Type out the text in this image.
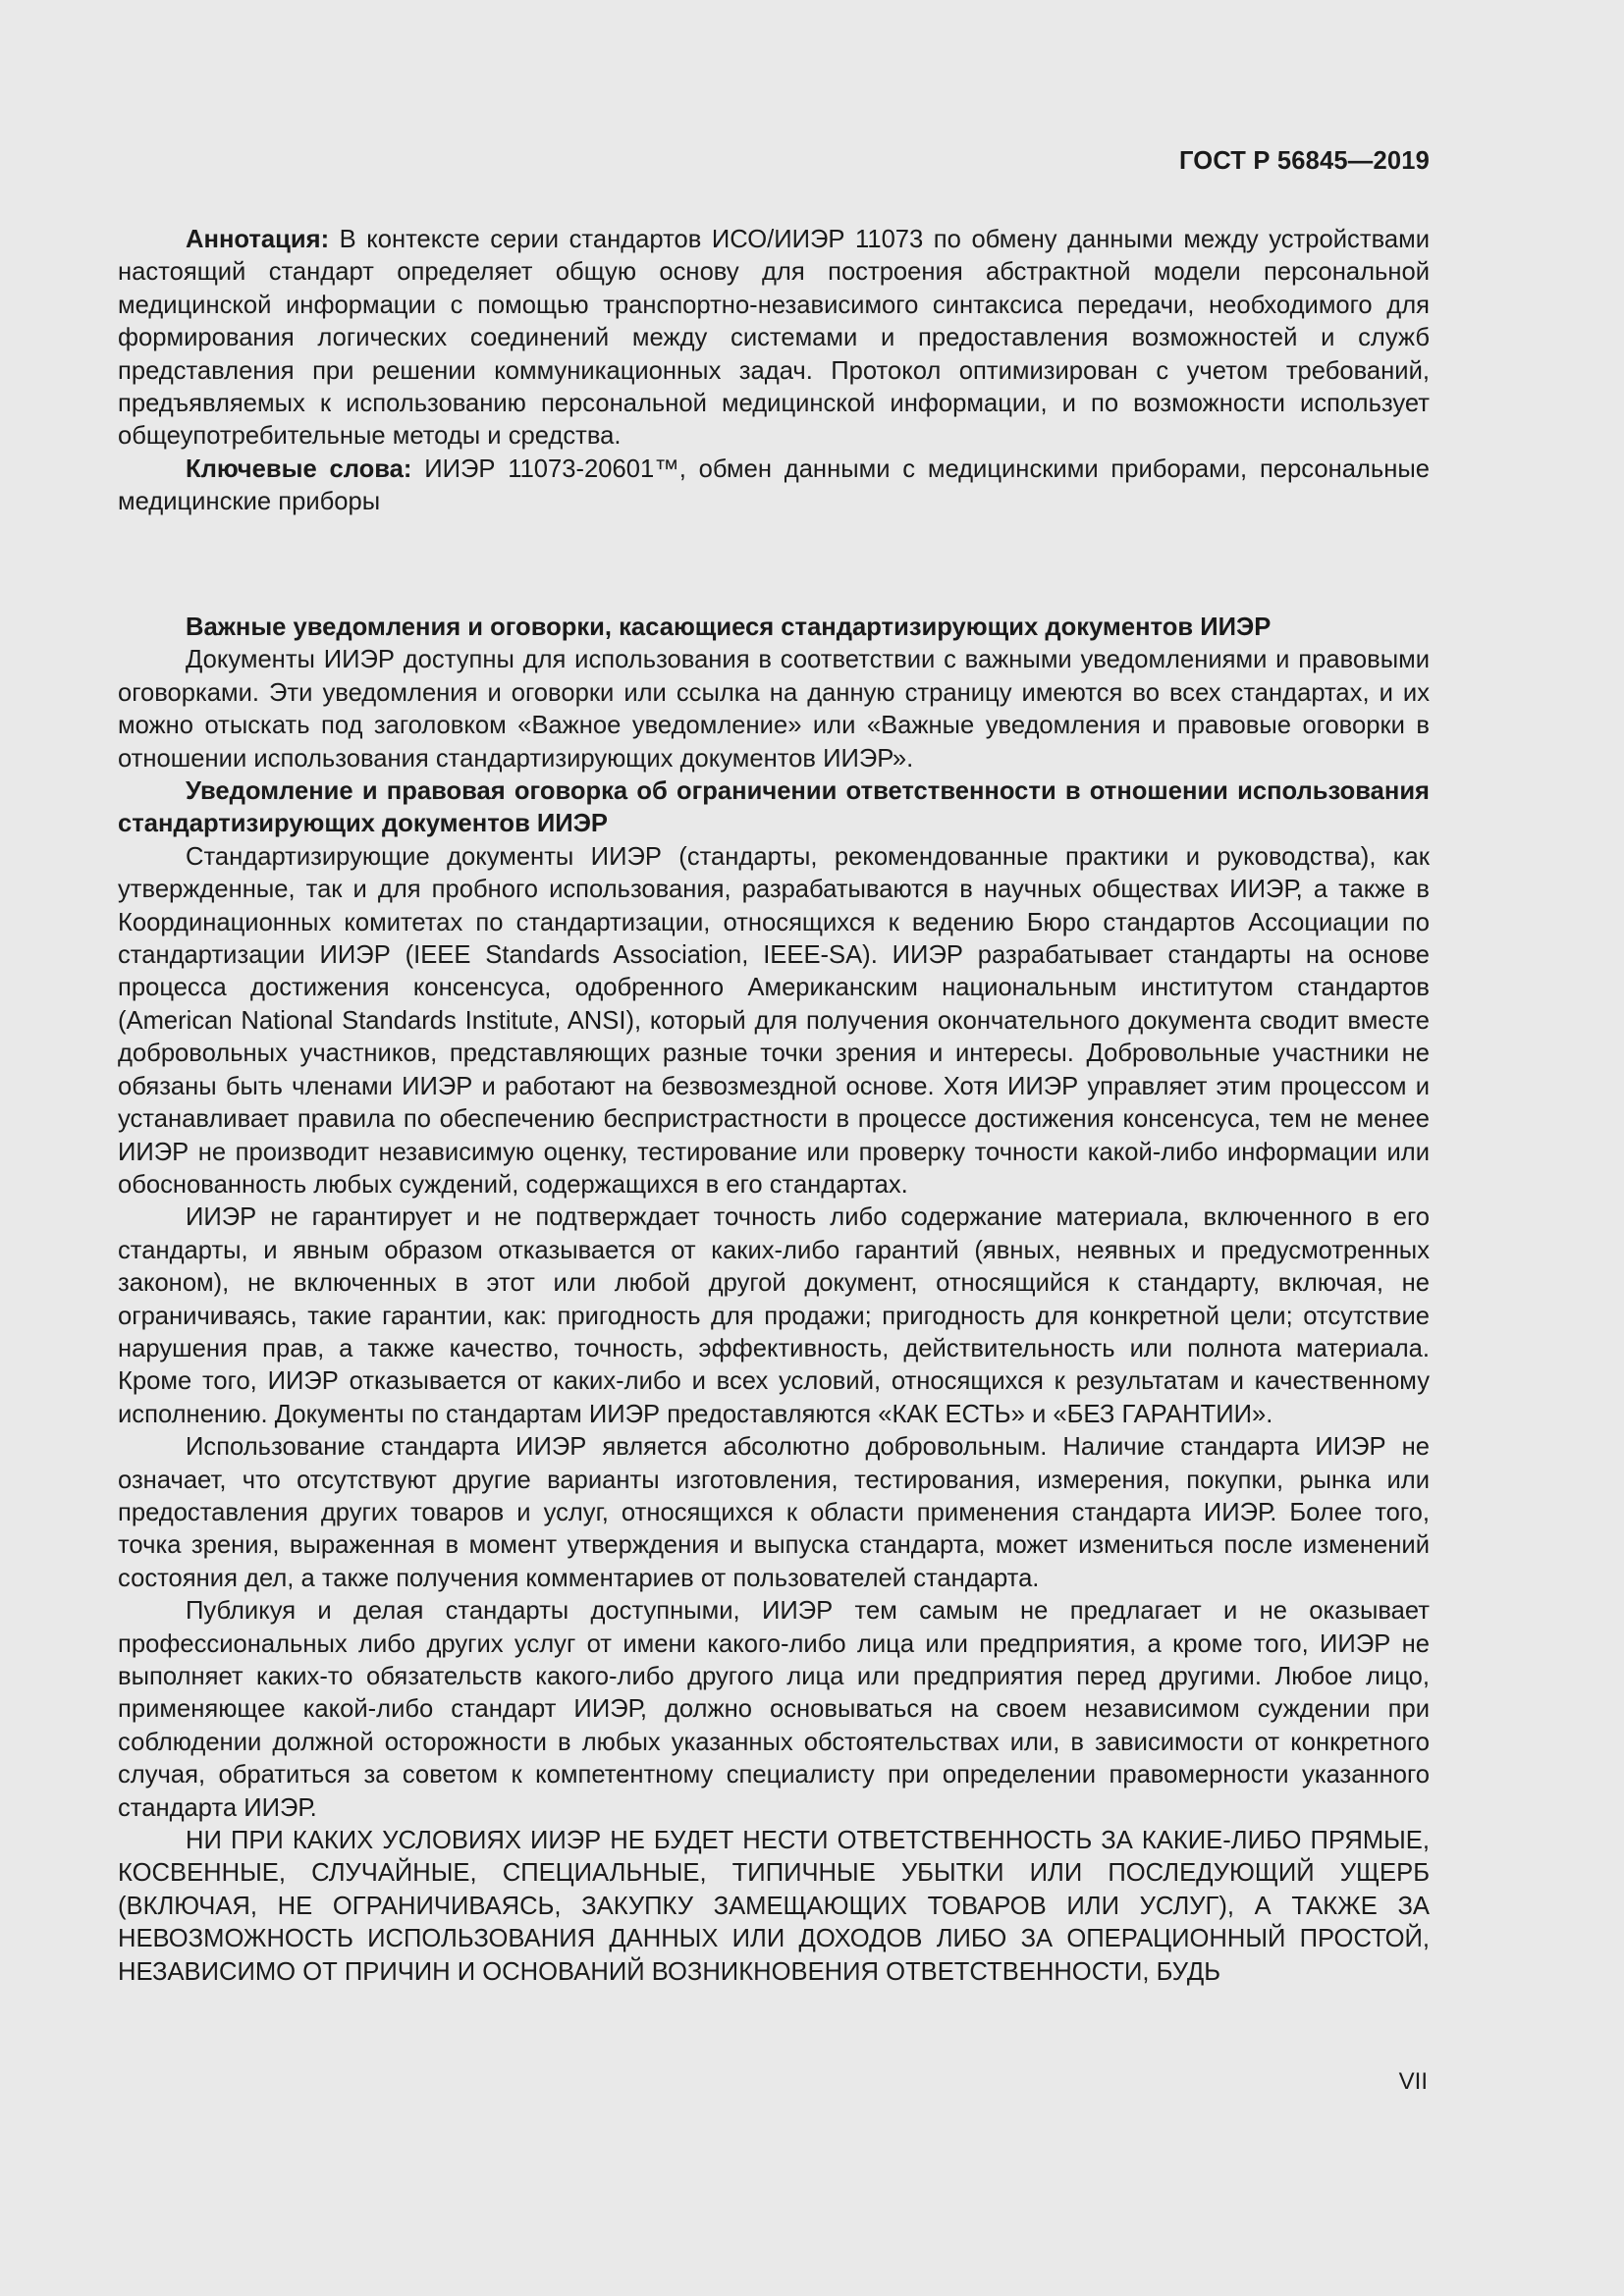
ГОСТ Р 56845—2019

Аннотация: В контексте серии стандартов ИСО/ИИЭР 11073 по обмену данными между устройствами настоящий стандарт определяет общую основу для построения абстрактной модели персональной медицинской информации с помощью транспортно-независимого синтаксиса передачи, необходимого для формирования логических соединений между системами и предоставления возможностей и служб представления при решении коммуникационных задач. Протокол оптимизирован с учетом требований, предъявляемых к использованию персональной медицинской информации, и по возможности использует общеупотребительные методы и средства.

Ключевые слова: ИИЭР 11073-20601™, обмен данными с медицинскими приборами, персональные медицинские приборы

Важные уведомления и оговорки, касающиеся стандартизирующих документов ИИЭР

Документы ИИЭР доступны для использования в соответствии с важными уведомлениями и правовыми оговорками. Эти уведомления и оговорки или ссылка на данную страницу имеются во всех стандартах, и их можно отыскать под заголовком «Важное уведомление» или «Важные уведомления и правовые оговорки в отношении использования стандартизирующих документов ИИЭР».

Уведомление и правовая оговорка об ограничении ответственности в отношении использования стандартизирующих документов ИИЭР

Стандартизирующие документы ИИЭР (стандарты, рекомендованные практики и руководства), как утвержденные, так и для пробного использования, разрабатываются в научных обществах ИИЭР, а также в Координационных комитетах по стандартизации, относящихся к ведению Бюро стандартов Ассоциации по стандартизации ИИЭР (IEEE Standards Association, IEEE-SA). ИИЭР разрабатывает стандарты на основе процесса достижения консенсуса, одобренного Американским национальным институтом стандартов (American National Standards Institute, ANSI), который для получения окончательного документа сводит вместе добровольных участников, представляющих разные точки зрения и интересы. Добровольные участники не обязаны быть членами ИИЭР и работают на безвозмездной основе. Хотя ИИЭР управляет этим процессом и устанавливает правила по обеспечению беспристрастности в процессе достижения консенсуса, тем не менее ИИЭР не производит независимую оценку, тестирование или проверку точности какой-либо информации или обоснованность любых суждений, содержащихся в его стандартах.

ИИЭР не гарантирует и не подтверждает точность либо содержание материала, включенного в его стандарты, и явным образом отказывается от каких-либо гарантий (явных, неявных и предусмотренных законом), не включенных в этот или любой другой документ, относящийся к стандарту, включая, не ограничиваясь, такие гарантии, как: пригодность для продажи; пригодность для конкретной цели; отсутствие нарушения прав, а также качество, точность, эффективность, действительность или полнота материала. Кроме того, ИИЭР отказывается от каких-либо и всех условий, относящихся к результатам и качественному исполнению. Документы по стандартам ИИЭР предоставляются «КАК ЕСТЬ» и «БЕЗ ГАРАНТИИ».

Использование стандарта ИИЭР является абсолютно добровольным. Наличие стандарта ИИЭР не означает, что отсутствуют другие варианты изготовления, тестирования, измерения, покупки, рынка или предоставления других товаров и услуг, относящихся к области применения стандарта ИИЭР. Более того, точка зрения, выраженная в момент утверждения и выпуска стандарта, может измениться после изменений состояния дел, а также получения комментариев от пользователей стандарта.

Публикуя и делая стандарты доступными, ИИЭР тем самым не предлагает и не оказывает профессиональных либо других услуг от имени какого-либо лица или предприятия, а кроме того, ИИЭР не выполняет каких-то обязательств какого-либо другого лица или предприятия перед другими. Любое лицо, применяющее какой-либо стандарт ИИЭР, должно основываться на своем независимом суждении при соблюдении должной осторожности в любых указанных обстоятельствах или, в зависимости от конкретного случая, обратиться за советом к компетентному специалисту при определении правомерности указанного стандарта ИИЭР.

НИ ПРИ КАКИХ УСЛОВИЯХ ИИЭР НЕ БУДЕТ НЕСТИ ОТВЕТСТВЕННОСТЬ ЗА КАКИЕ-ЛИБО ПРЯМЫЕ, КОСВЕННЫЕ, СЛУЧАЙНЫЕ, СПЕЦИАЛЬНЫЕ, ТИПИЧНЫЕ УБЫТКИ ИЛИ ПОСЛЕДУЮЩИЙ УЩЕРБ (ВКЛЮЧАЯ, НЕ ОГРАНИЧИВАЯСЬ, ЗАКУПКУ ЗАМЕЩАЮЩИХ ТОВАРОВ ИЛИ УСЛУГ), А ТАКЖЕ ЗА НЕВОЗМОЖНОСТЬ ИСПОЛЬЗОВАНИЯ ДАННЫХ ИЛИ ДОХОДОВ ЛИБО ЗА ОПЕРАЦИОННЫЙ ПРОСТОЙ, НЕЗАВИСИМО ОТ ПРИЧИН И ОСНОВАНИЙ ВОЗНИКНОВЕНИЯ ОТВЕТСТВЕННОСТИ, БУДЬ

VII
